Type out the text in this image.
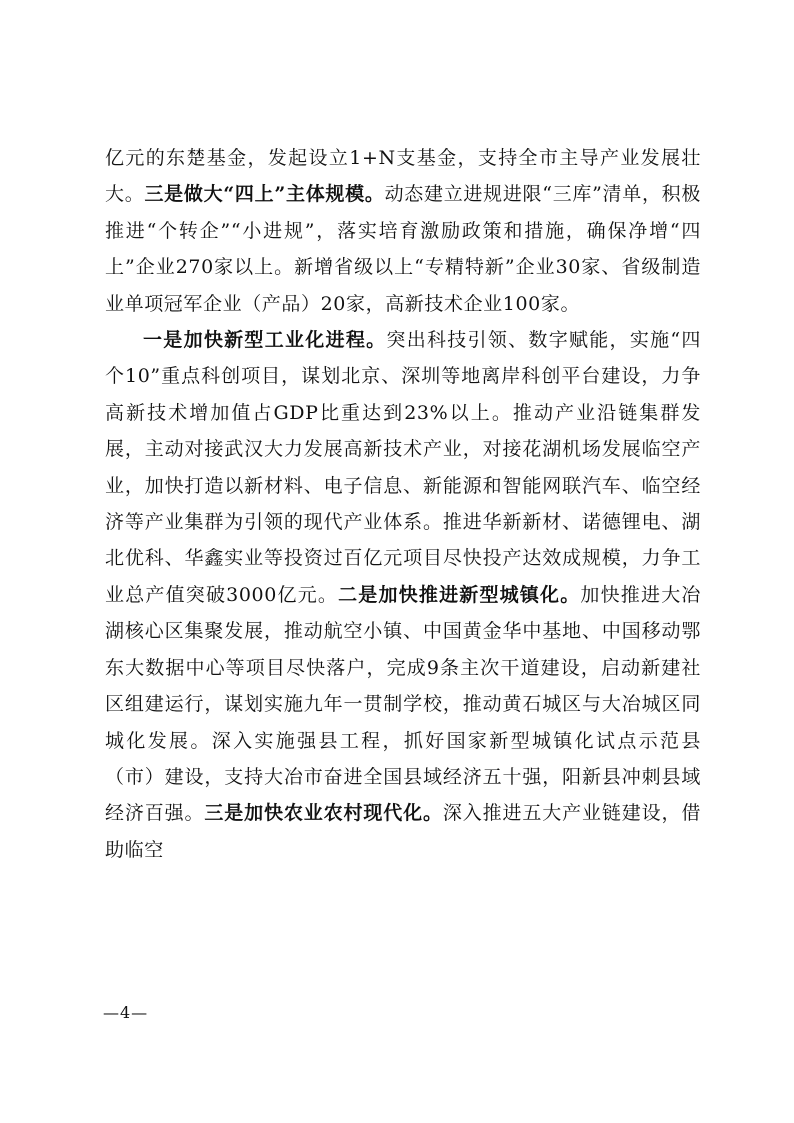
亿元的东楚基金，发起设立1+N支基金，支持全市主导产业发展壮大。三是做大“四上”主体规模。动态建立进规进限“三库”清单，积极推进“个转企”“小进规”，落实培育激励政策和措施，确保净增“四上”企业270家以上。新增省级以上“专精特新”企业30家、省级制造业单项冠军企业（产品）20家，高新技术企业100家。

一是加快新型工业化进程。突出科技引领、数字赋能，实施“四个10”重点科创项目，谋划北京、深圳等地离岸科创平台建设，力争高新技术增加值占GDP比重达到23%以上。推动产业沿链集群发展，主动对接武汉大力发展高新技术产业，对接花湖机场发展临空产业，加快打造以新材料、电子信息、新能源和智能网联汽车、临空经济等产业集群为引领的现代产业体系。推进华新新材、诺德锂电、湖北优科、华鑫实业等投资过百亿元项目尽快投产达效成规模，力争工业总产值突破3000亿元。二是加快推进新型城镇化。加快推进大冶湖核心区集聚发展，推动航空小镇、中国黄金华中基地、中国移动鄂东大数据中心等项目尽快落户，完成9条主次干道建设，启动新建社区组建运行，谋划实施九年一贯制学校，推动黄石城区与大冶城区同城化发展。深入实施强县工程，抓好国家新型城镇化试点示范县（市）建设，支持大冶市奋进全国县域经济五十强，阳新县冲刺县域经济百强。三是加快农业农村现代化。深入推进五大产业链建设，借助临空

—4—
